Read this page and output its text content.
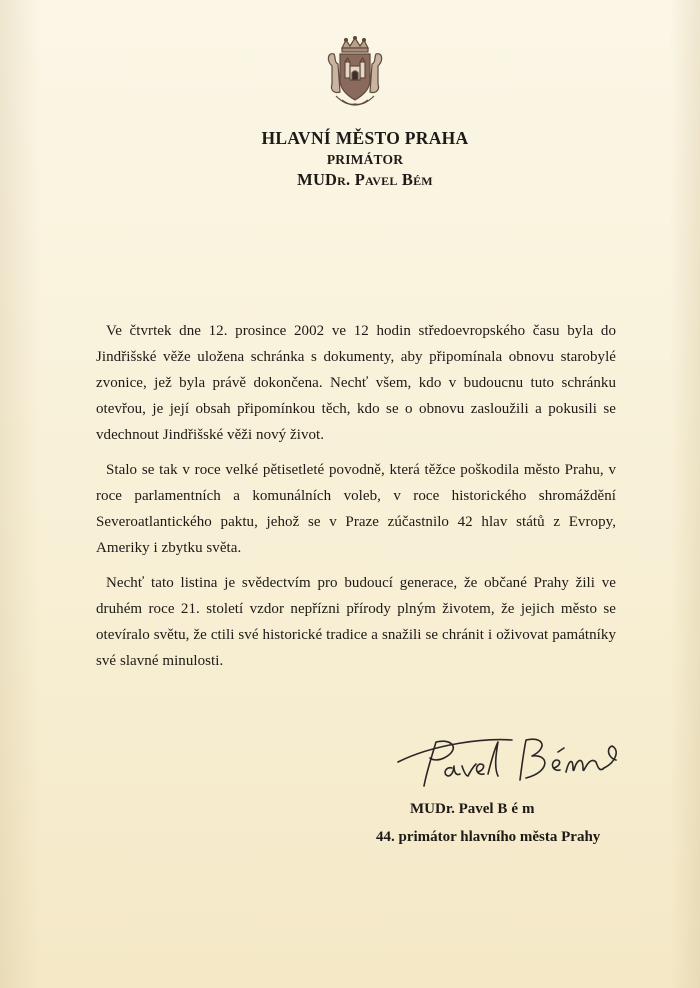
HLAVNÍ MĚSTO PRAHA
PRIMÁTOR
MUDr. Pavel Bém

Ve čtvrtek dne 12. prosince 2002 ve 12 hodin středoevropského času byla do Jindřišské věže uložena schránka s dokumenty, aby připomínala obnovu starobylé zvonice, jež byla právě dokončena. Nechť všem, kdo v budoucnu tuto schránku otevřou, je její obsah připomínkou těch, kdo se o obnovu zasloužili a pokusili se vdechnout Jindřišské věži nový život.

Stalo se tak v roce velké pětisetleté povodně, která těžce poškodila město Prahu, v roce parlamentních a komunálních voleb, v roce historického shromáždění Severoatlantického paktu, jehož se v Praze zúčastnilo 42 hlav států z Evropy, Ameriky i zbytku světa.

Nechť tato listina je svědectvím pro budoucí generace, že občané Prahy žili ve druhém roce 21. století vzdor nepřízni přírody plným životem, že jejich město se otevíralo světu, že ctili své historické tradice a snažili se chránit i oživovat památníky své slavné minulosti.

MUDr. Pavel Bém
44. primátor hlavního města Prahy
